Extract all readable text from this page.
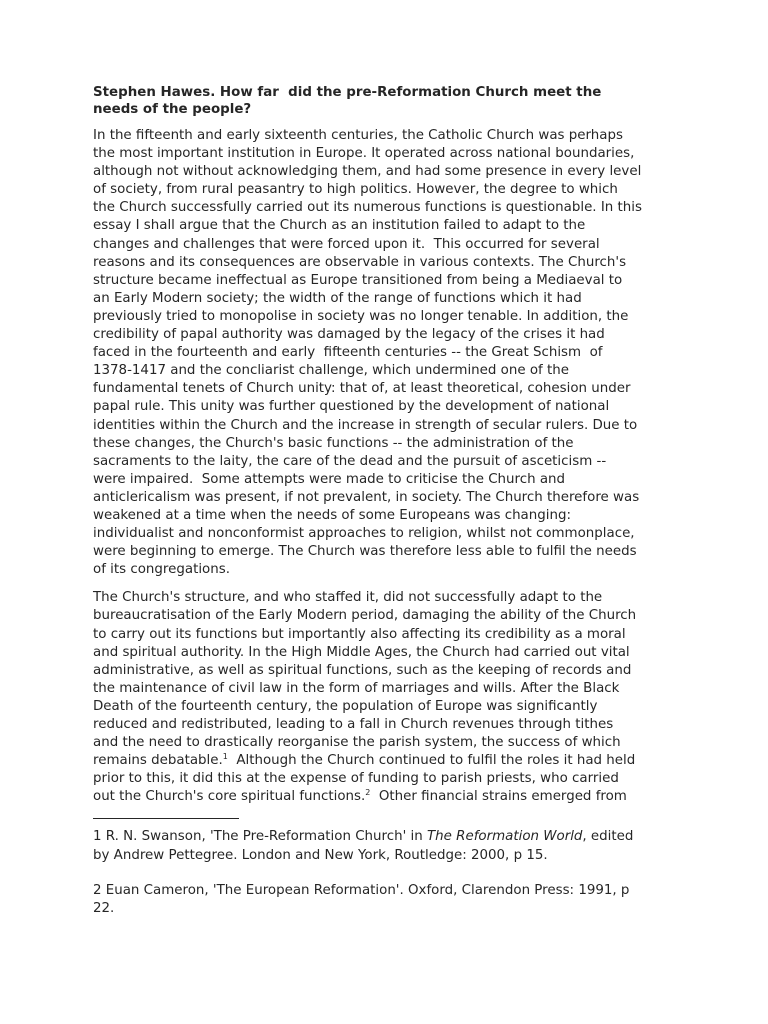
Stephen Hawes. How far  did the pre-Reformation Church meet the
needs of the people?
In the fifteenth and early sixteenth centuries, the Catholic Church was perhaps
the most important institution in Europe. It operated across national boundaries,
although not without acknowledging them, and had some presence in every level
of society, from rural peasantry to high politics. However, the degree to which
the Church successfully carried out its numerous functions is questionable. In this
essay I shall argue that the Church as an institution failed to adapt to the
changes and challenges that were forced upon it.  This occurred for several
reasons and its consequences are observable in various contexts. The Church's
structure became ineffectual as Europe transitioned from being a Mediaeval to
an Early Modern society; the width of the range of functions which it had
previously tried to monopolise in society was no longer tenable. In addition, the
credibility of papal authority was damaged by the legacy of the crises it had
faced in the fourteenth and early  fifteenth centuries -- the Great Schism  of
1378-1417 and the concliarist challenge, which undermined one of the
fundamental tenets of Church unity: that of, at least theoretical, cohesion under
papal rule. This unity was further questioned by the development of national
identities within the Church and the increase in strength of secular rulers. Due to
these changes, the Church's basic functions -- the administration of the
sacraments to the laity, the care of the dead and the pursuit of asceticism --
were impaired.  Some attempts were made to criticise the Church and
anticlericalism was present, if not prevalent, in society. The Church therefore was
weakened at a time when the needs of some Europeans was changing:
individualist and nonconformist approaches to religion, whilst not commonplace,
were beginning to emerge. The Church was therefore less able to fulfil the needs
of its congregations.
The Church's structure, and who staffed it, did not successfully adapt to the
bureaucratisation of the Early Modern period, damaging the ability of the Church
to carry out its functions but importantly also affecting its credibility as a moral
and spiritual authority. In the High Middle Ages, the Church had carried out vital
administrative, as well as spiritual functions, such as the keeping of records and
the maintenance of civil law in the form of marriages and wills. After the Black
Death of the fourteenth century, the population of Europe was significantly
reduced and redistributed, leading to a fall in Church revenues through tithes
and the need to drastically reorganise the parish system, the success of which
remains debatable.$^1$  Although the Church continued to fulfil the roles it had held
prior to this, it did this at the expense of funding to parish priests, who carried
out the Church's core spiritual functions.$^2$  Other financial strains emerged from
1 R. N. Swanson, 'The Pre-Reformation Church' in The Reformation World, edited
by Andrew Pettegree. London and New York, Routledge: 2000, p 15.
2 Euan Cameron, 'The European Reformation'. Oxford, Clarendon Press: 1991, p
22.
